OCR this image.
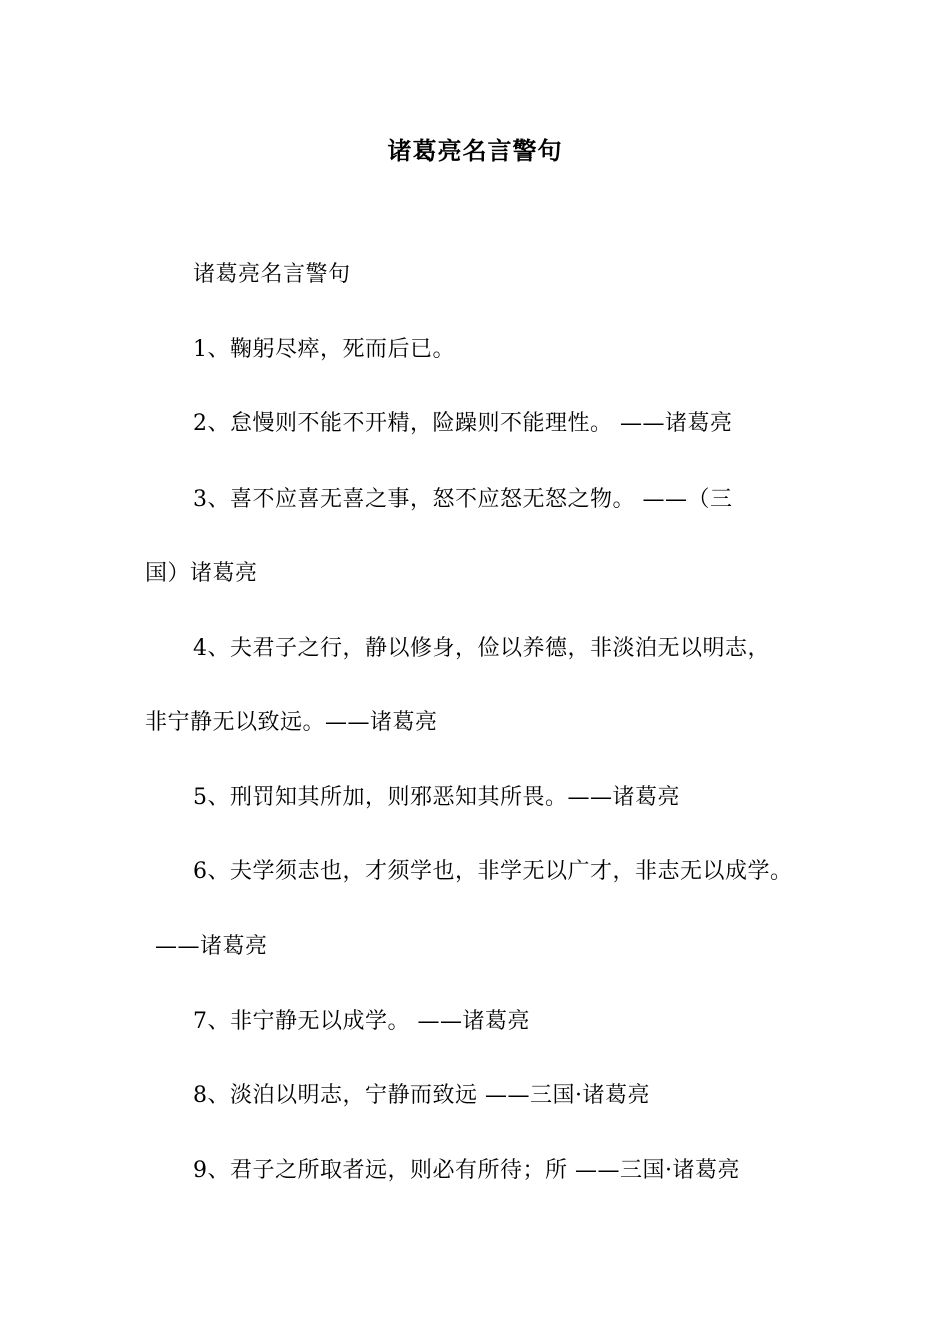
诸葛亮名言警句
诸葛亮名言警句
1、鞠躬尽瘁，死而后已。
2、怠慢则不能不开精，险躁则不能理性。 ——诸葛亮
3、喜不应喜无喜之事，怒不应怒无怒之物。 ——（三
国）诸葛亮
4、夫君子之行，静以修身，俭以养德，非淡泊无以明志，
非宁静无以致远。——诸葛亮
5、刑罚知其所加，则邪恶知其所畏。——诸葛亮
6、夫学须志也，才须学也，非学无以广才，非志无以成学。
——诸葛亮
7、非宁静无以成学。 ——诸葛亮
8、淡泊以明志，宁静而致远 ——三国·诸葛亮
9、君子之所取者远，则必有所待；所 ——三国·诸葛亮
